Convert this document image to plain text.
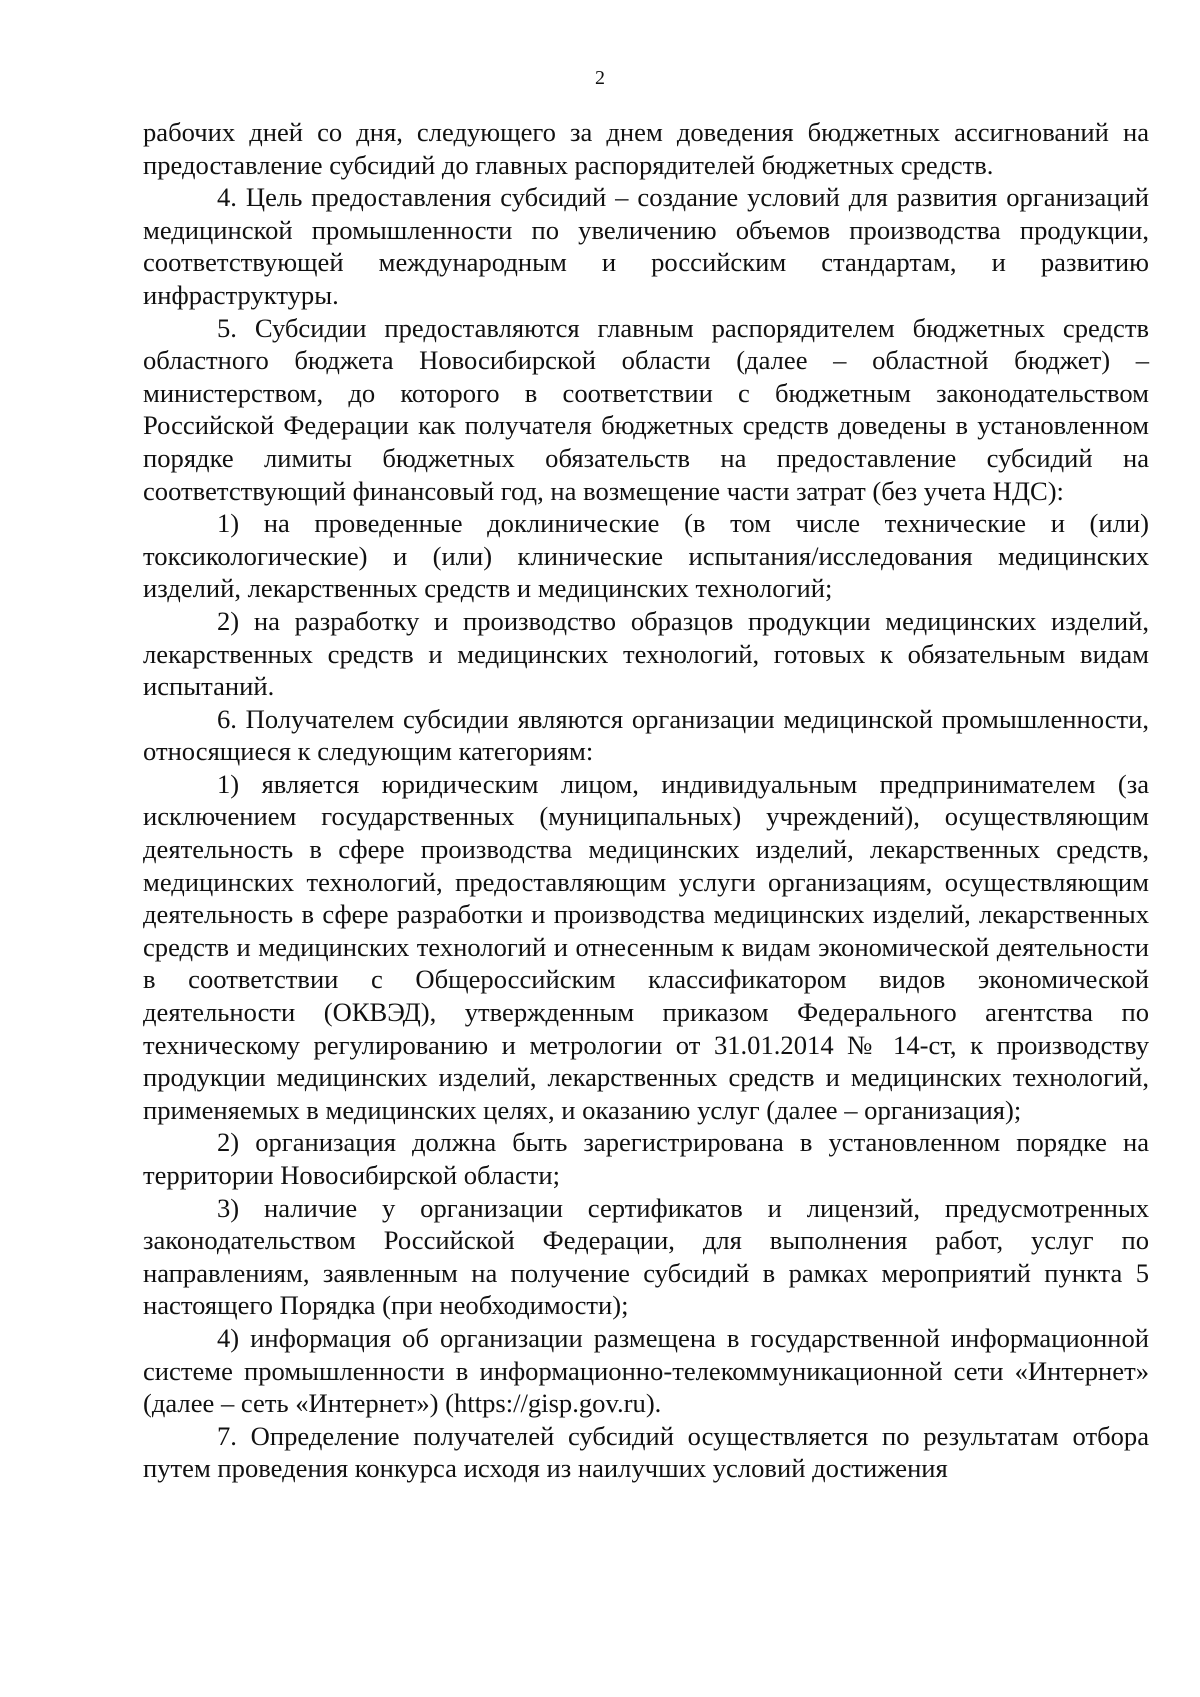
2

рабочих дней со дня, следующего за днем доведения бюджетных ассигнований на предоставление субсидий до главных распорядителей бюджетных средств.

4. Цель предоставления субсидий – создание условий для развития организаций медицинской промышленности по увеличению объемов производства продукции, соответствующей международным и российским стандартам, и развитию инфраструктуры.

5. Субсидии предоставляются главным распорядителем бюджетных средств областного бюджета Новосибирской области (далее – областной бюджет) – министерством, до которого в соответствии с бюджетным законодательством Российской Федерации как получателя бюджетных средств доведены в установленном порядке лимиты бюджетных обязательств на предоставление субсидий на соответствующий финансовый год, на возмещение части затрат (без учета НДС):

1) на проведенные доклинические (в том числе технические и (или) токсикологические) и (или) клинические испытания/исследования медицинских изделий, лекарственных средств и медицинских технологий;

2) на разработку и производство образцов продукции медицинских изделий, лекарственных средств и медицинских технологий, готовых к обязательным видам испытаний.

6. Получателем субсидии являются организации медицинской промышленности, относящиеся к следующим категориям:

1) является юридическим лицом, индивидуальным предпринимателем (за исключением государственных (муниципальных) учреждений), осуществляющим деятельность в сфере производства медицинских изделий, лекарственных средств, медицинских технологий, предоставляющим услуги организациям, осуществляющим деятельность в сфере разработки и производства медицинских изделий, лекарственных средств и медицинских технологий и отнесенным к видам экономической деятельности в соответствии с Общероссийским классификатором видов экономической деятельности (ОКВЭД), утвержденным приказом Федерального агентства по техническому регулированию и метрологии от 31.01.2014 № 14-ст, к производству продукции медицинских изделий, лекарственных средств и медицинских технологий, применяемых в медицинских целях, и оказанию услуг (далее – организация);

2) организация должна быть зарегистрирована в установленном порядке на территории Новосибирской области;

3) наличие у организации сертификатов и лицензий, предусмотренных законодательством Российской Федерации, для выполнения работ, услуг по направлениям, заявленным на получение субсидий в рамках мероприятий пункта 5 настоящего Порядка (при необходимости);

4) информация об организации размещена в государственной информационной системе промышленности в информационно-телекоммуникационной сети «Интернет» (далее – сеть «Интернет») (https://gisp.gov.ru).

7. Определение получателей субсидий осуществляется по результатам отбора путем проведения конкурса исходя из наилучших условий достижения
